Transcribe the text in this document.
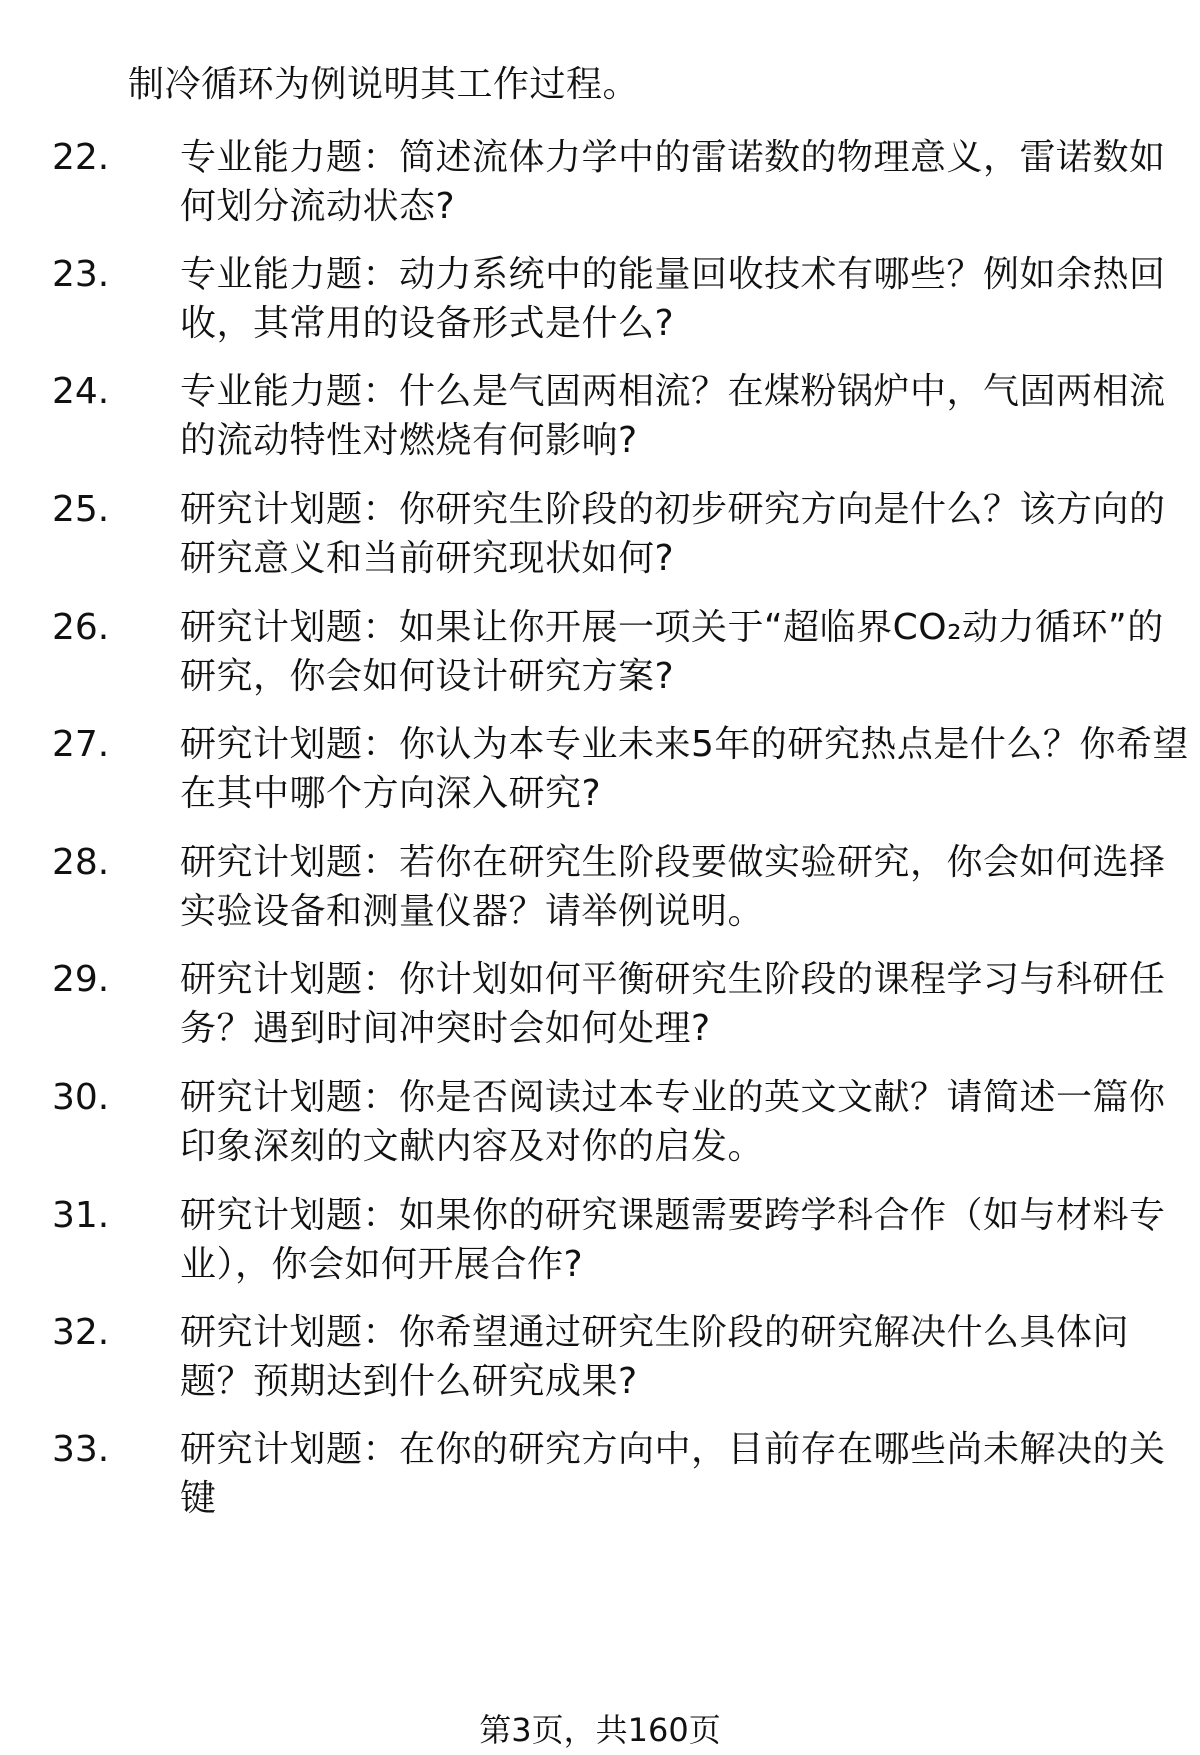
制冷循环为例说明其工作过程。
22.	专业能力题：简述流体力学中的雷诺数的物理意义，雷诺数如何划分流动状态?
23.	专业能力题：动力系统中的能量回收技术有哪些？例如余热回收，其常用的设备形式是什么?
24.	专业能力题：什么是气固两相流？在煤粉锅炉中，气固两相流的流动特性对燃烧有何影响?
25.	研究计划题：你研究生阶段的初步研究方向是什么？该方向的研究意义和当前研究现状如何?
26.	研究计划题：如果让你开展一项关于“超临界CO₂动力循环”的研究，你会如何设计研究方案?
27.	研究计划题：你认为本专业未来5年的研究热点是什么？你希望在其中哪个方向深入研究?
28.	研究计划题：若你在研究生阶段要做实验研究，你会如何选择实验设备和测量仪器？请举例说明。
29.	研究计划题：你计划如何平衡研究生阶段的课程学习与科研任务？遇到时间冲突时会如何处理?
30.	研究计划题：你是否阅读过本专业的英文文献？请简述一篇你印象深刻的文献内容及对你的启发。
31.	研究计划题：如果你的研究课题需要跨学科合作（如与材料专业），你会如何开展合作?
32.	研究计划题：你希望通过研究生阶段的研究解决什么具体问题？预期达到什么研究成果?
33.	研究计划题：在你的研究方向中，目前存在哪些尚未解决的关键
第3页，共160页
